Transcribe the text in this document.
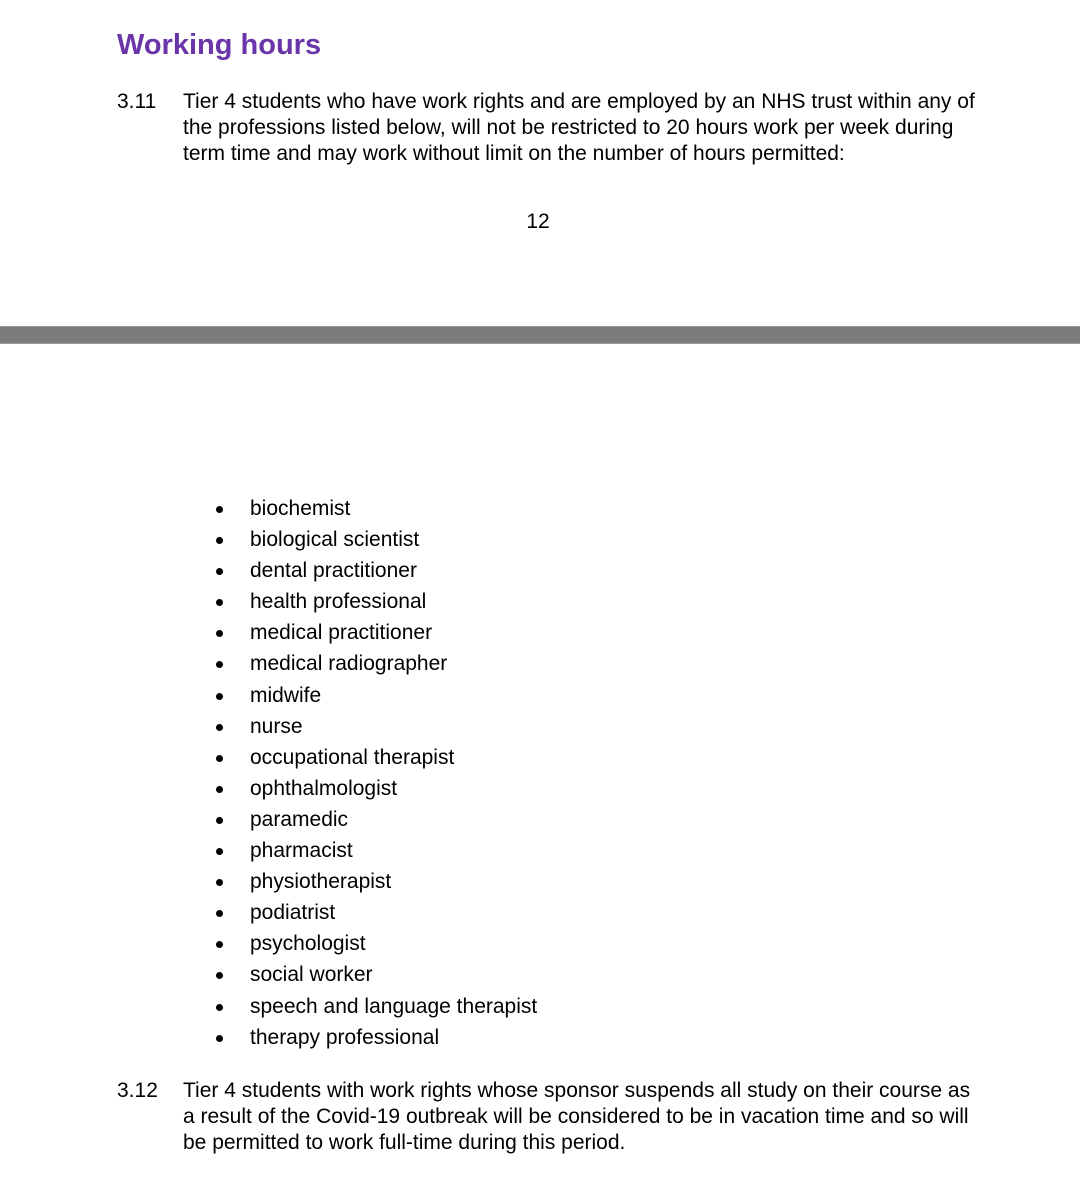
Working hours
3.11 Tier 4 students who have work rights and are employed by an NHS trust within any of the professions listed below, will not be restricted to 20 hours work per week during term time and may work without limit on the number of hours permitted:
12
biochemist
biological scientist
dental practitioner
health professional
medical practitioner
medical radiographer
midwife
nurse
occupational therapist
ophthalmologist
paramedic
pharmacist
physiotherapist
podiatrist
psychologist
social worker
speech and language therapist
therapy professional
3.12 Tier 4 students with work rights whose sponsor suspends all study on their course as a result of the Covid-19 outbreak will be considered to be in vacation time and so will be permitted to work full-time during this period.
